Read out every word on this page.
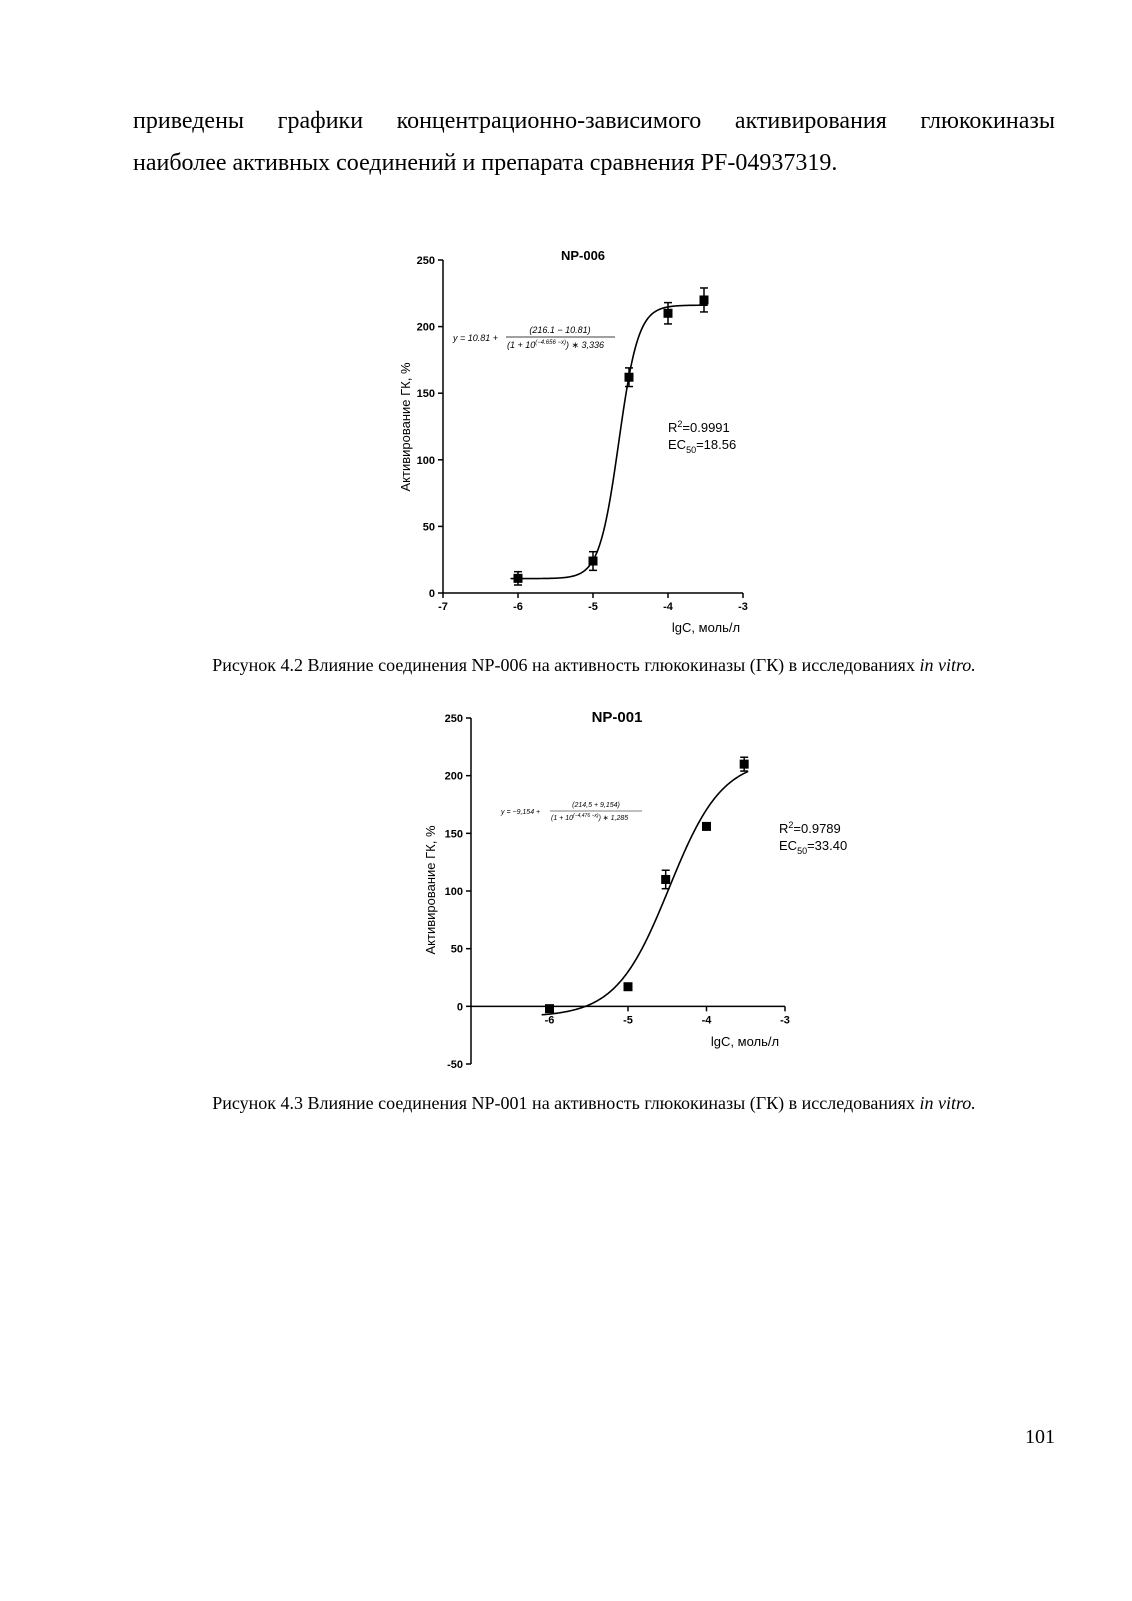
приведены графики концентрационно-зависимого активирования глюкокиназы
наиболее активных соединений и препарата сравнения PF-04937319.
0
50
100
150
200
250
-7	-6	-5	-4	-3
NP-006
lgC, моль/л
Активирование ГК, %
y = 10.81 +
(216.1 − 10.81)
$(1 + 10^{(-4.656 -x)})$ ∗ 3,336
$R^2=0.9991$
$EC_{50}=18.56$
Рисунок 4.2 Влияние соединения NP-006 на активность глюкокиназы (ГК) в исследованиях in vitro.
-50
0
50
100
150
200
250
-6	-5	-4	-3
NP-001
lgC, моль/л
Активирование ГК, %
y = −9,154 +
(214,5 + 9,154)
$(1 + 10^{(-4,476 -x)})$ ∗ 1,285
$R^2=0.9789$
$EC_{50}=33.40$
Рисунок 4.3 Влияние соединения NP-001 на активность глюкокиназы (ГК) в исследованиях in vitro.
101
